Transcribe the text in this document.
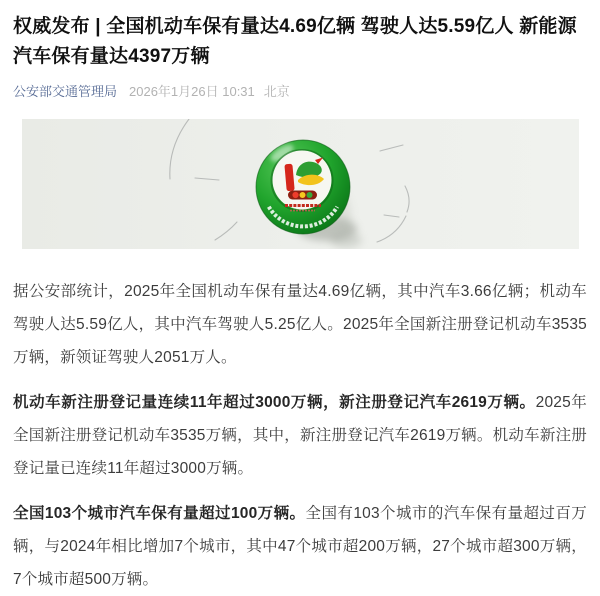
权威发布 | 全国机动车保有量达4.69亿辆 驾驶人达5.59亿人 新能源汽车保有量达4397万辆
公安部交通管理局 2026年1月26日 10:31 北京

据公安部统计，2025年全国机动车保有量达4.69亿辆，其中汽车3.66亿辆；机动车驾驶人达5.59亿人，其中汽车驾驶人5.25亿人。2025年全国新注册登记机动车3535万辆，新领证驾驶人2051万人。

机动车新注册登记量连续11年超过3000万辆，新注册登记汽车2619万辆。2025年全国新注册登记机动车3535万辆，其中，新注册登记汽车2619万辆。机动车新注册登记量已连续11年超过3000万辆。

全国103个城市汽车保有量超过100万辆。全国有103个城市的汽车保有量超过百万辆，与2024年相比增加7个城市，其中47个城市超200万辆，27个城市超300万辆，7个城市超500万辆。
